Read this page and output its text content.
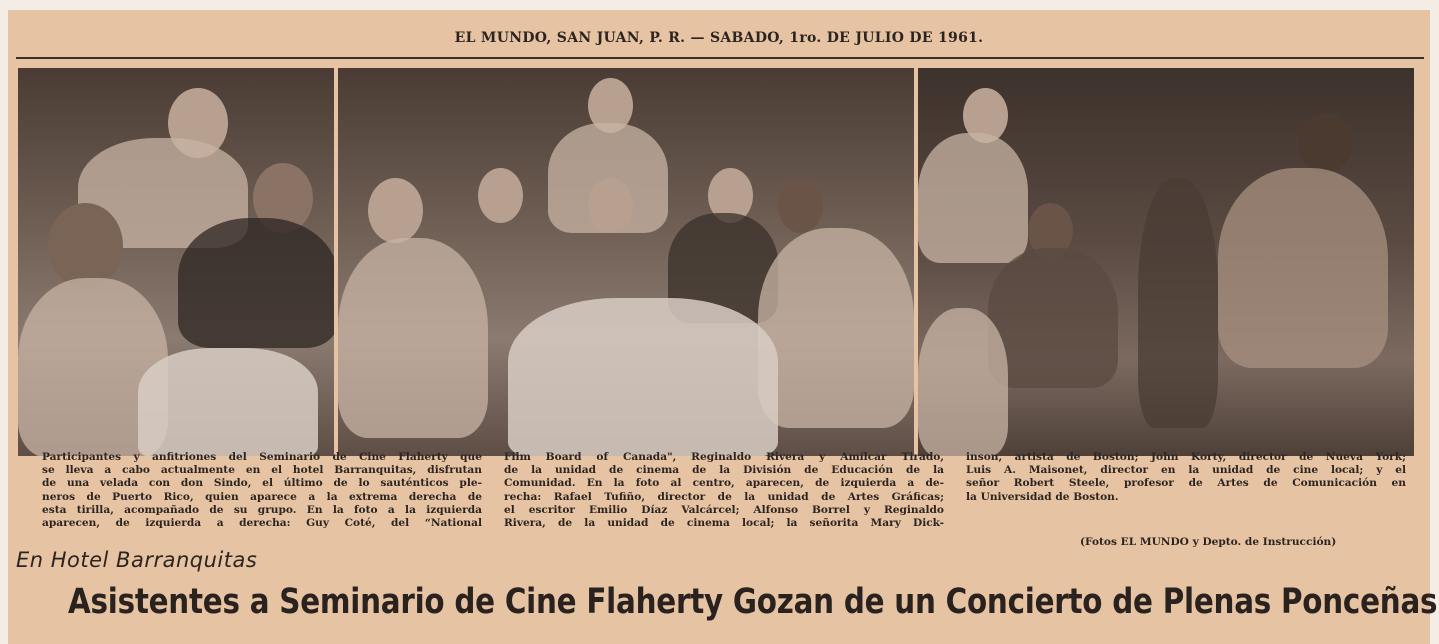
EL MUNDO, SAN JUAN, P. R. — SABADO, 1ro. DE JULIO DE 1961.
Participantes y anfitriones del Seminario de Cine Flaherty que
se lleva a cabo actualmente en el hotel Barranquitas, disfrutan
de una velada con don Sindo, el último de lo sauténticos ple-
neros de Puerto Rico, quien aparece a la extrema derecha de
esta tirilla, acompañado de su grupo. En la foto a la izquierda
aparecen, de izquierda a derecha: Guy Coté, del “National
Film Board of Canada", Reginaldo Rivera y Amílcar Tirado,
de la unidad de cinema de la División de Educación de la
Comunidad. En la foto al centro, aparecen, de izquierda a de-
recha: Rafael Tufiño, director de la unidad de Artes Gráficas;
el escritor Emilio Díaz Valcárcel; Alfonso Borrel y Reginaldo
Rivera, de la unidad de cinema local; la señorita Mary Dick-
inson, artista de Boston; John Korty, director de Nueva York;
Luis A. Maisonet, director en la unidad de cine local; y el
señor Robert Steele, profesor de Artes de Comunicación en
la Universidad de Boston.
(Fotos EL MUNDO y Depto. de Instrucción)
En Hotel Barranquitas
Asistentes a Seminario de Cine Flaherty Gozan de un Concierto de Plenas Ponceñas
